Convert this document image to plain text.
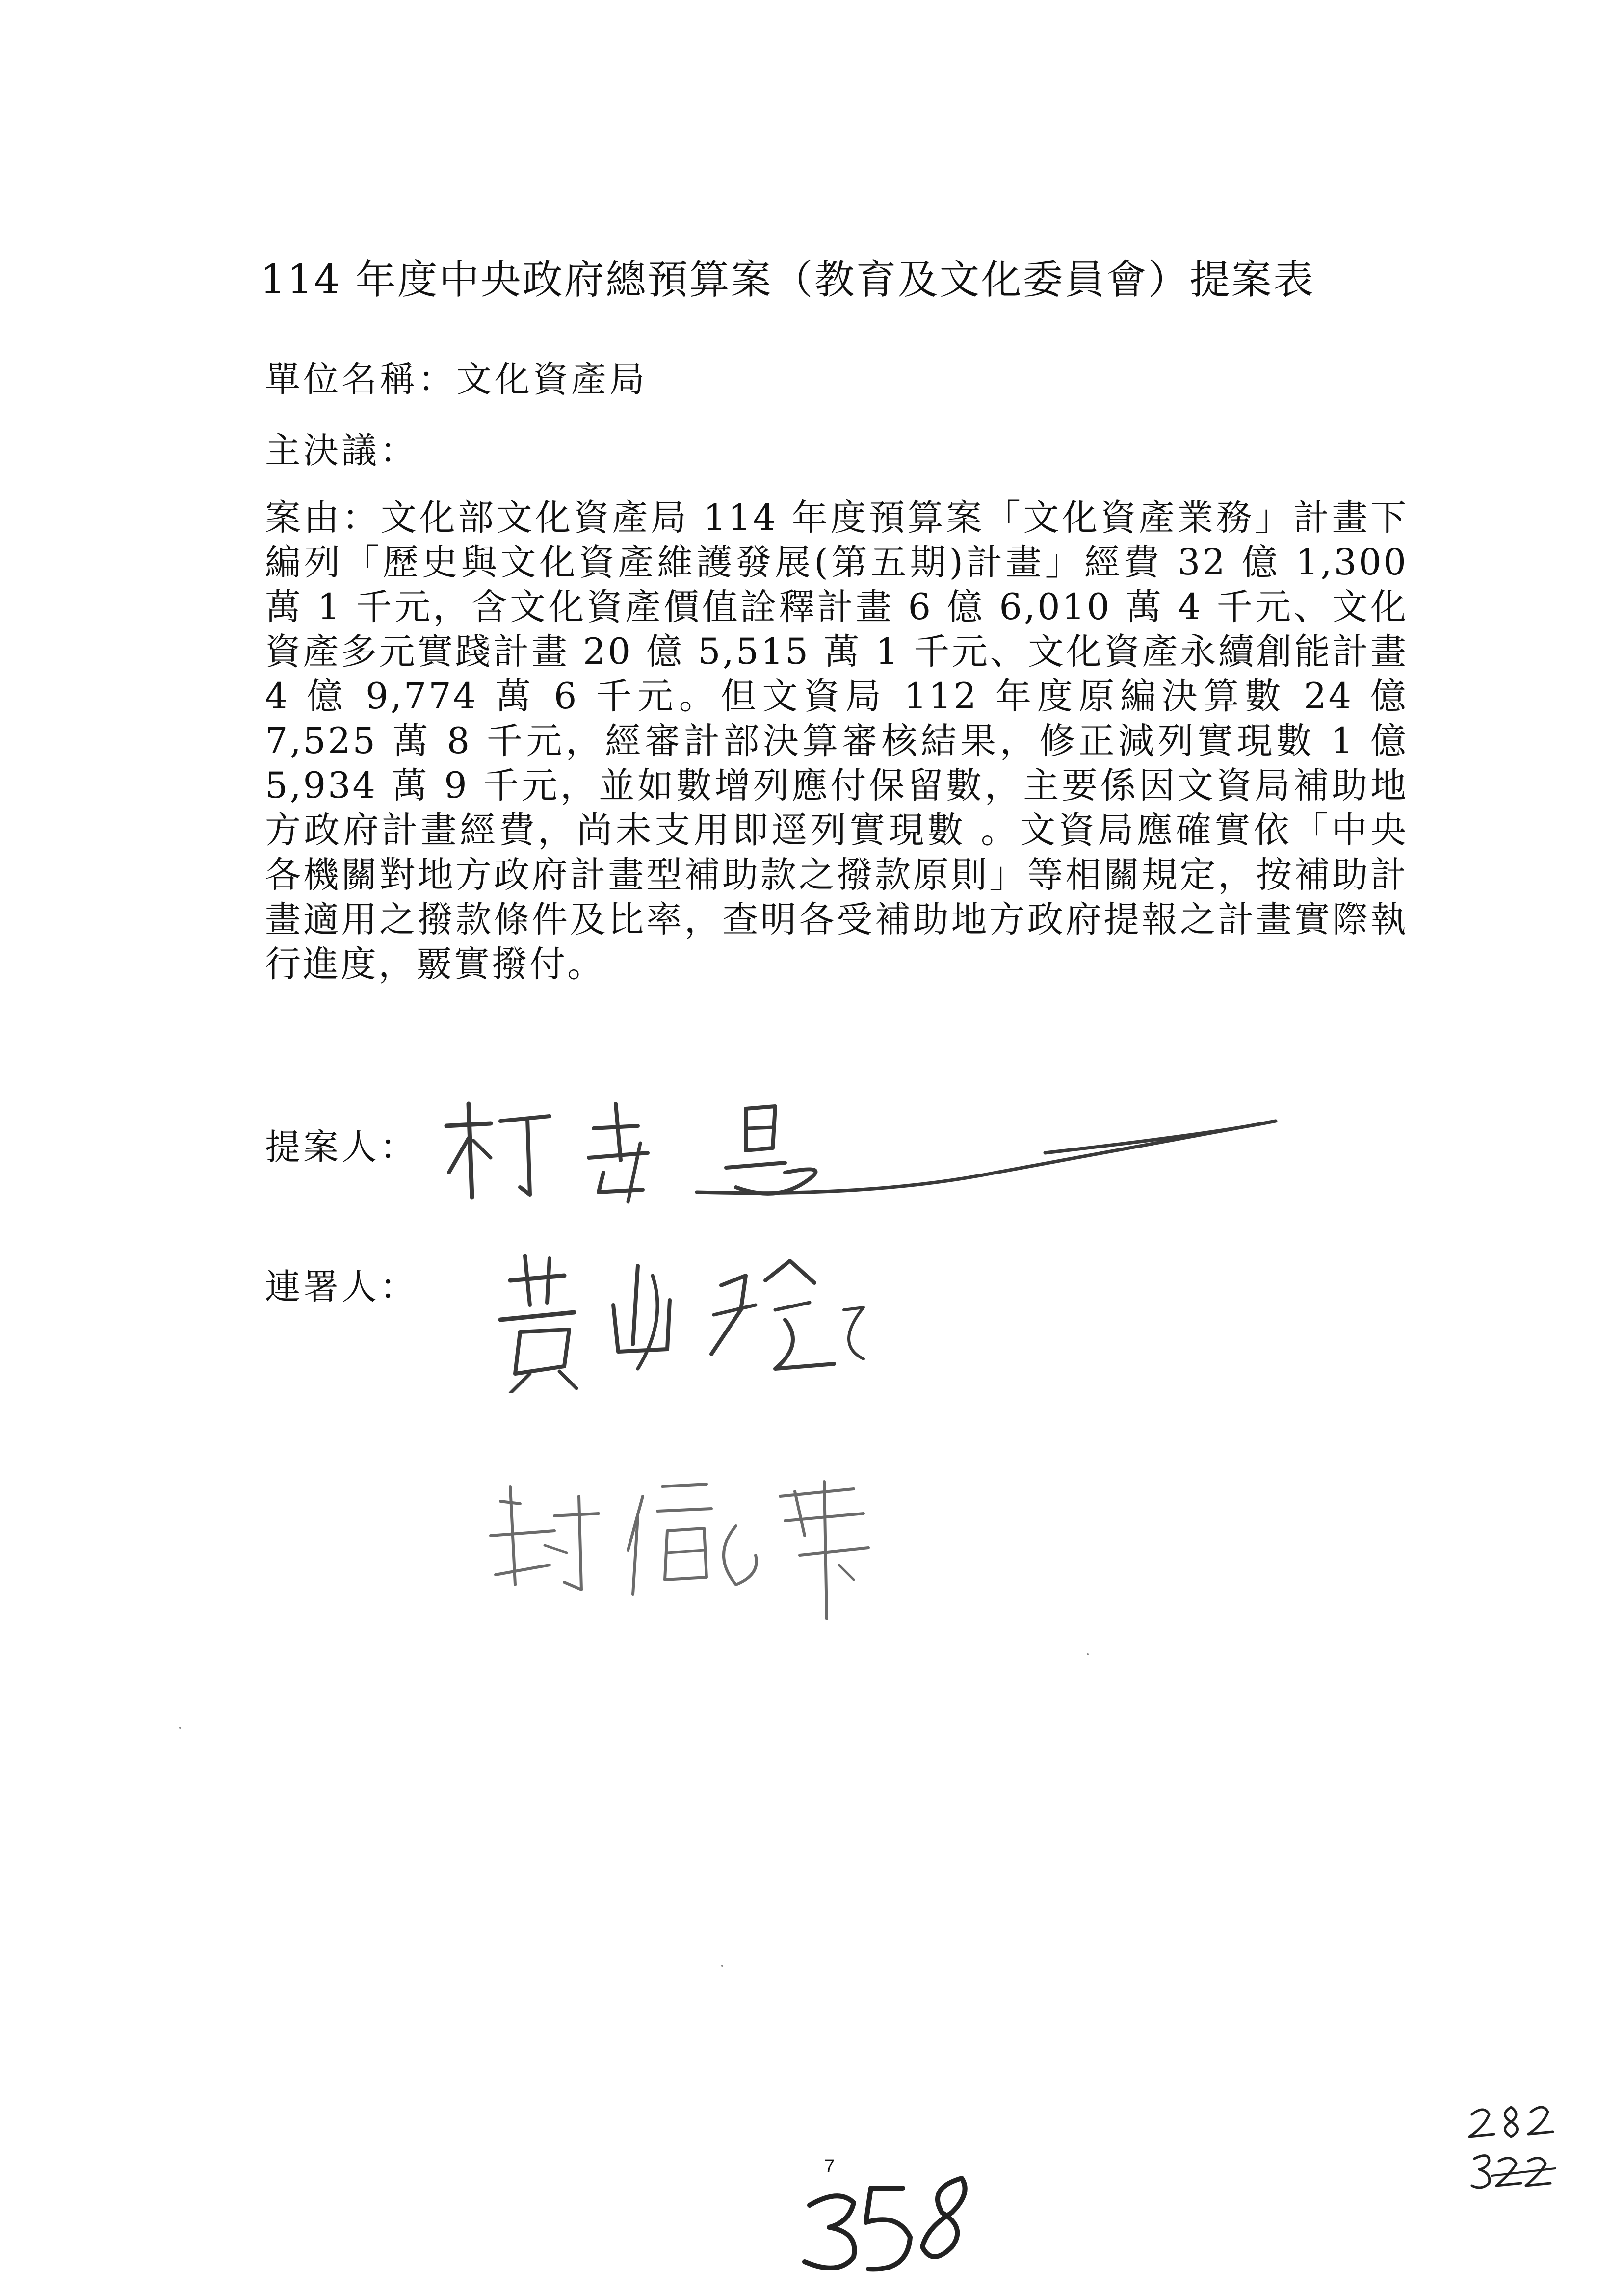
114 年度中央政府總預算案（教育及文化委員會）提案表
單位名稱：文化資產局
主決議：
案由：文化部文化資產局 114 年度預算案「文化資產業務」計畫下編列「歷史與文化資產維護發展(第五期)計畫」經費 32 億 1,300 萬 1 千元，含文化資產價值詮釋計畫 6 億 6,010 萬 4 千元、文化資產多元實踐計畫 20 億 5,515 萬 1 千元、文化資產永續創能計畫 4 億 9,774 萬 6 千元。但文資局 112 年度原編決算數 24 億 7,525 萬 8 千元，經審計部決算審核結果，修正減列實現數 1 億 5,934 萬 9 千元，並如數增列應付保留數，主要係因文資局補助地方政府計畫經費，尚未支用即逕列實現數 。文資局應確實依「中央各機關對地方政府計畫型補助款之撥款原則」等相關規定，按補助計畫適用之撥款條件及比率，查明各受補助地方政府提報之計畫實際執行進度，覈實撥付。
提案人：
連署人：
7
